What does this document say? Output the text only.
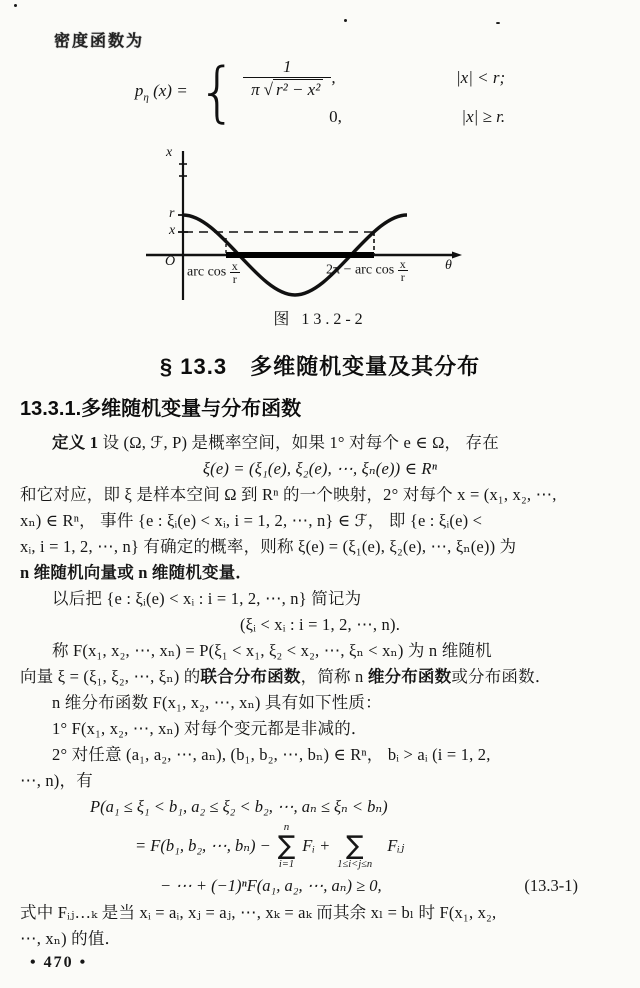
密度函数为
$p_\eta$ (x) = { $\frac{1}{\text{π √ r² − x²}}$ ,	|x| < r;
0,	|x| ≥ r.
x
r
x
O
arc $\cos \frac{x}{r}$	2π − arc $\cos \frac{x}{r}$	θ
图 13.2-2
§ 13.3　多维随机变量及其分布
13.3.1.多维随机变量与分布函数
定义 1 设 (Ω, ℱ, P) 是概率空间，如果 1° 对每个 e ∈ Ω， 存在
ξ(e) = (ξ₁(e), ξ₂(e), ⋯, ξₙ(e)) ∈ Rⁿ
和它对应，即 ξ 是样本空间 Ω 到 Rⁿ 的一个映射，2° 对每个 x = (x₁, x₂, ⋯,
xₙ) ∈ Rⁿ， 事件 {e : ξᵢ(e) < xᵢ, i = 1, 2, ⋯, n} ∈ ℱ， 即 {e : ξᵢ(e) <
xᵢ, i = 1, 2, ⋯, n} 有确定的概率，则称 ξ(e) = (ξ₁(e), ξ₂(e), ⋯, ξₙ(e)) 为
n 维随机向量或 n 维随机变量．
以后把 {e : ξᵢ(e) < xᵢ : i = 1, 2, ⋯, n} 简记为
(ξᵢ < xᵢ : i = 1, 2, ⋯, n).
称 F(x₁, x₂, ⋯, xₙ) = P(ξ₁ < x₁, ξ₂ < x₂, ⋯, ξₙ < xₙ) 为 n 维随机
向量 ξ = (ξ₁, ξ₂, ⋯, ξₙ) 的联合分布函数，简称 n 维分布函数或分布函数．
n 维分布函数 F(x₁, x₂, ⋯, xₙ) 具有如下性质：
1° F(x₁, x₂, ⋯, xₙ) 对每个变元都是非减的．
2° 对任意 (a₁, a₂, ⋯, aₙ), (b₁, b₂, ⋯, bₙ) ∈ Rⁿ， bᵢ > aᵢ (i = 1, 2,
⋯, n)，有
P(a₁ ≤ ξ₁ < b₁, a₂ ≤ ξ₂ < b₂, ⋯, aₙ ≤ ξₙ < bₙ)
= F(b₁, b₂, ⋯, bₙ) −
n
∑
i=1
Fᵢ + ∑
1≤i<j≤n
Fᵢⱼ
− ⋯ + (−1)ⁿF(a₁, a₂, ⋯, aₙ) ≥ 0,	(13.3-1)
式中 Fᵢⱼ…ₖ 是当 xᵢ = aᵢ, xⱼ = aⱼ, ⋯, xₖ = aₖ 而其余 xₗ = bₗ 时 F(x₁, x₂,
⋯, xₙ) 的值．
• 470 •
